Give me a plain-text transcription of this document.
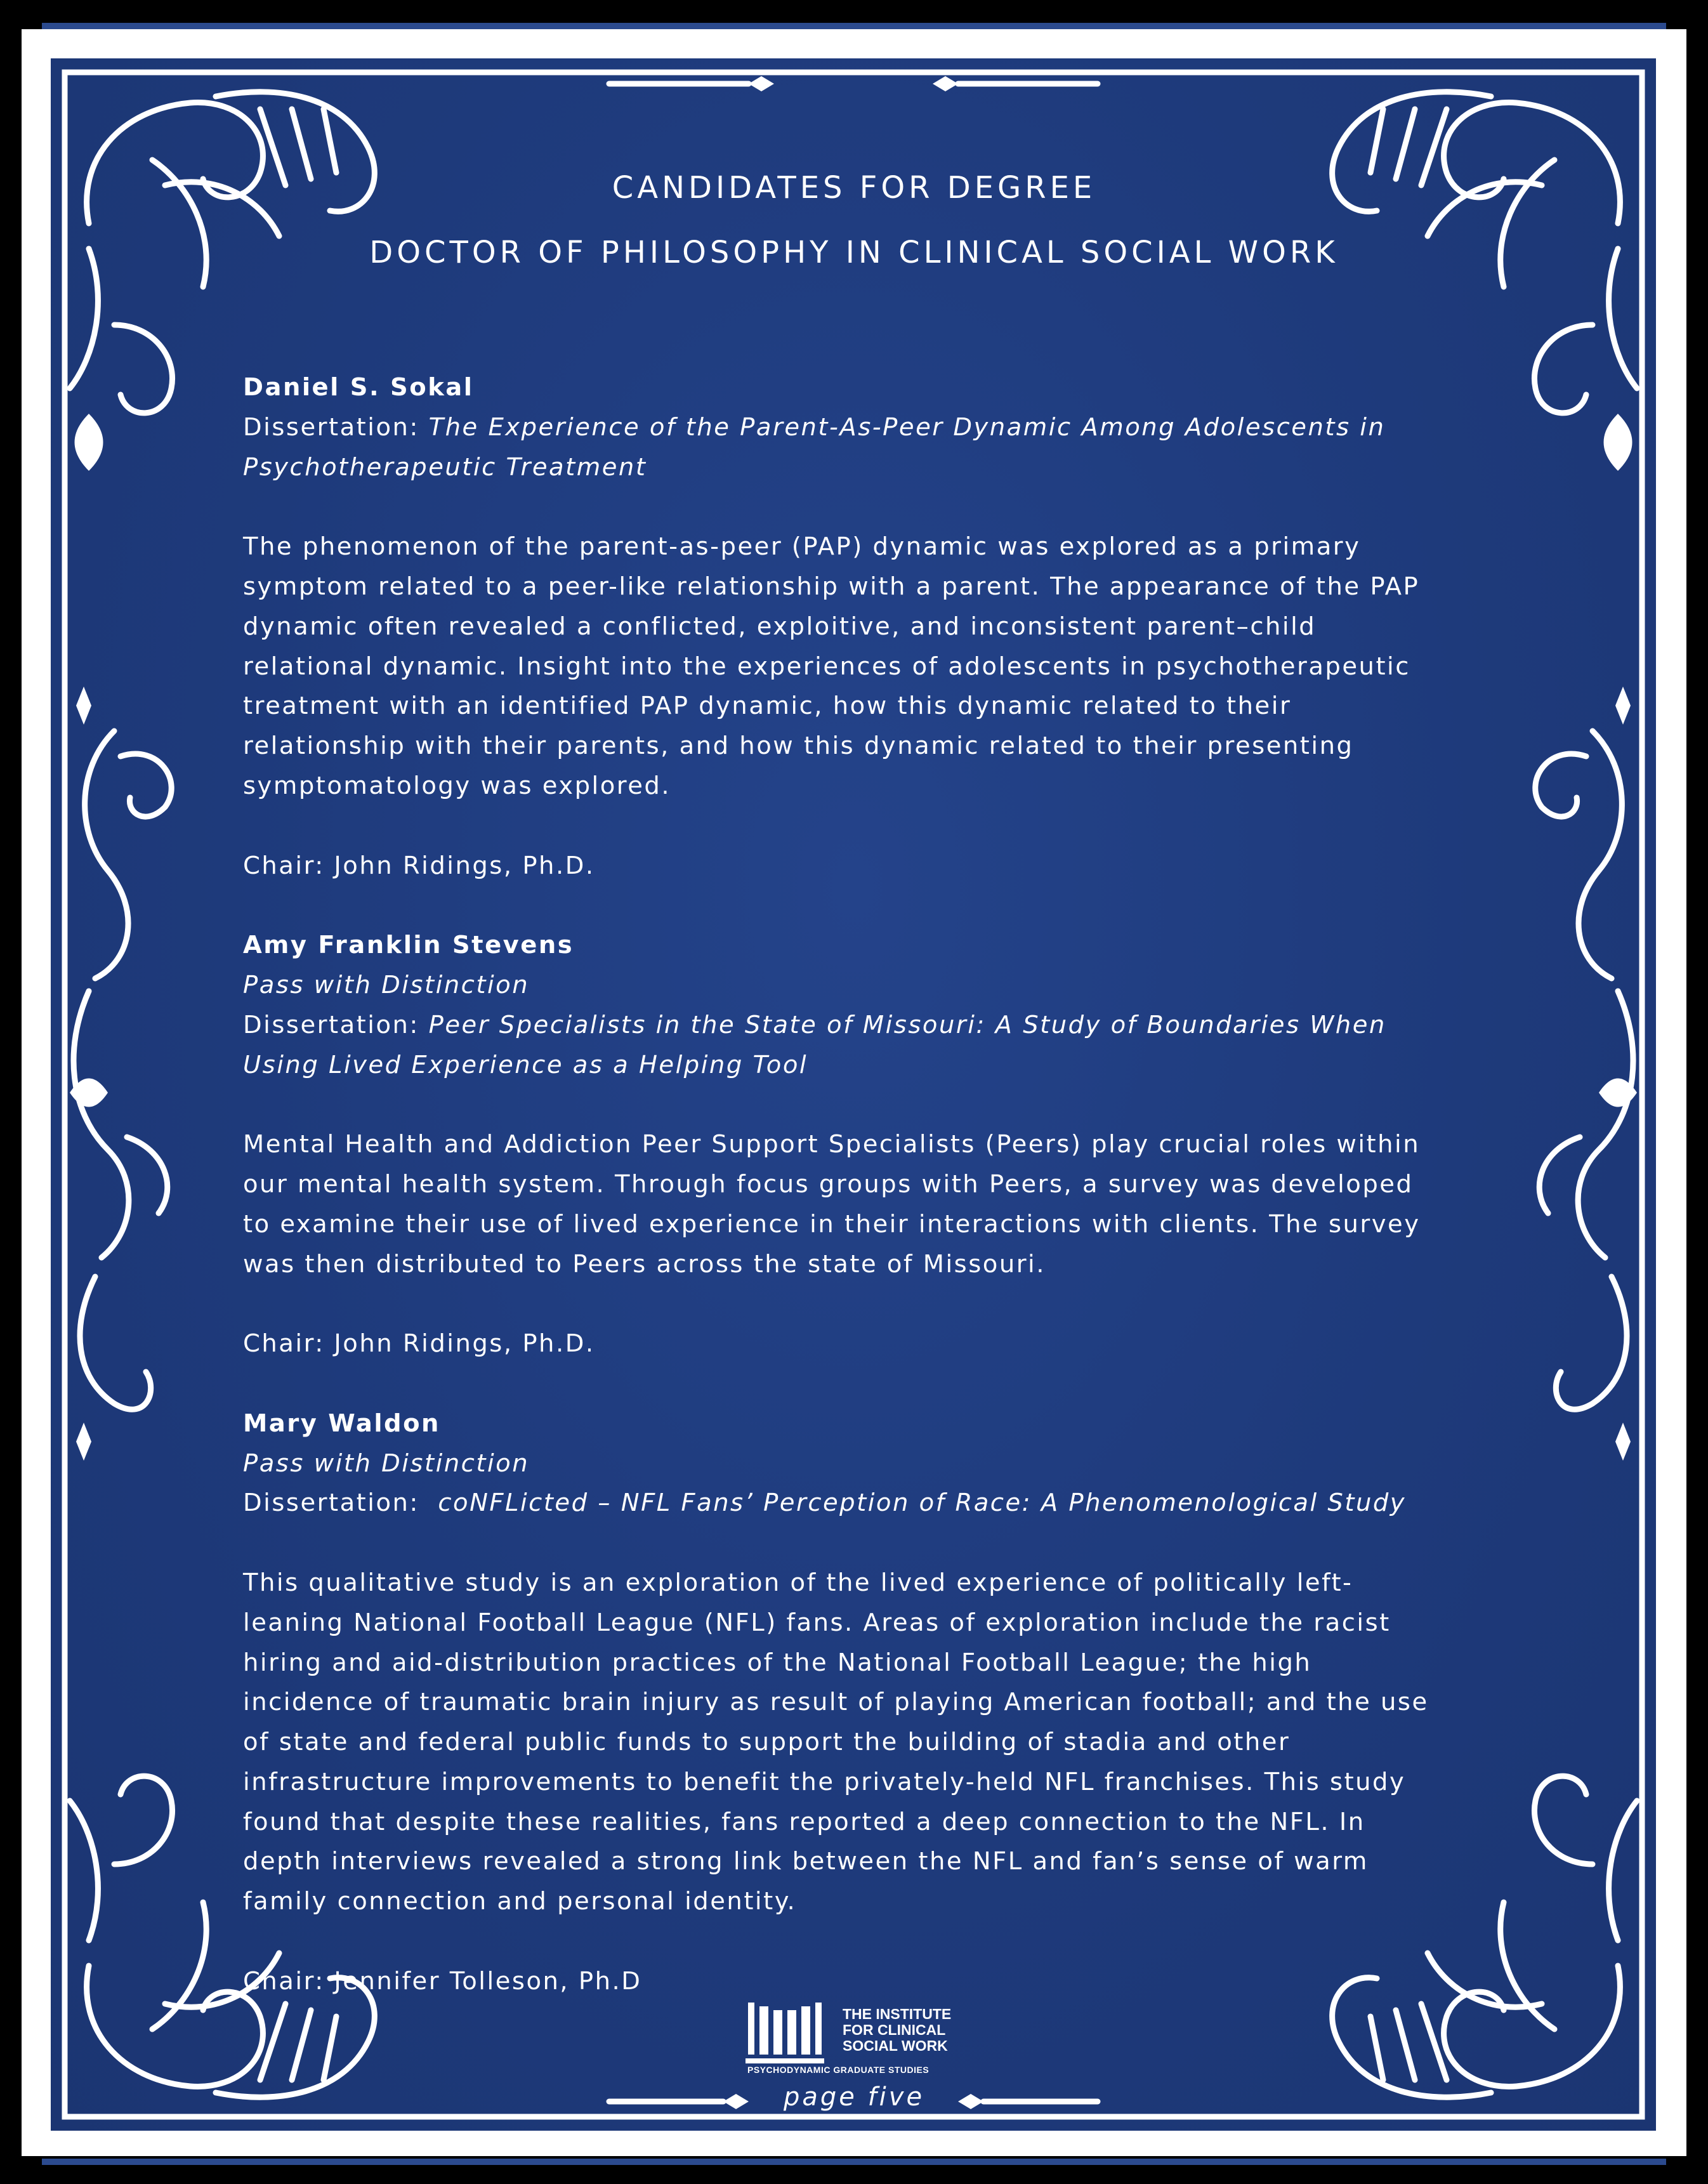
CANDIDATES FOR DEGREE
DOCTOR OF PHILOSOPHY IN CLINICAL SOCIAL WORK
Daniel S. Sokal
Dissertation: The Experience of the Parent-As-Peer Dynamic Among Adolescents in
Psychotherapeutic Treatment
The phenomenon of the parent-as-peer (PAP) dynamic was explored as a primary
symptom related to a peer-like relationship with a parent. The appearance of the PAP
dynamic often revealed a conflicted, exploitive, and inconsistent parent–child
relational dynamic. Insight into the experiences of adolescents in psychotherapeutic
treatment with an identified PAP dynamic, how this dynamic related to their
relationship with their parents, and how this dynamic related to their presenting
symptomatology was explored.
Chair: John Ridings, Ph.D.
Amy Franklin Stevens
Pass with Distinction
Dissertation: Peer Specialists in the State of Missouri: A Study of Boundaries When
Using Lived Experience as a Helping Tool
Mental Health and Addiction Peer Support Specialists (Peers) play crucial roles within
our mental health system. Through focus groups with Peers, a survey was developed
to examine their use of lived experience in their interactions with clients. The survey
was then distributed to Peers across the state of Missouri.
Chair: John Ridings, Ph.D.
Mary Waldon
Pass with Distinction
Dissertation:  coNFLicted – NFL Fans’ Perception of Race: A Phenomenological Study
This qualitative study is an exploration of the lived experience of politically left-
leaning National Football League (NFL) fans. Areas of exploration include the racist
hiring and aid-distribution practices of the National Football League; the high
incidence of traumatic brain injury as result of playing American football; and the use
of state and federal public funds to support the building of stadia and other
infrastructure improvements to benefit the privately-held NFL franchises. This study
found that despite these realities, fans reported a deep connection to the NFL. In
depth interviews revealed a strong link between the NFL and fan’s sense of warm
family connection and personal identity.
Chair: Jennifer Tolleson, Ph.D
THE INSTITUTE
FOR CLINICAL
SOCIAL WORK
PSYCHODYNAMIC GRADUATE STUDIES
page five
